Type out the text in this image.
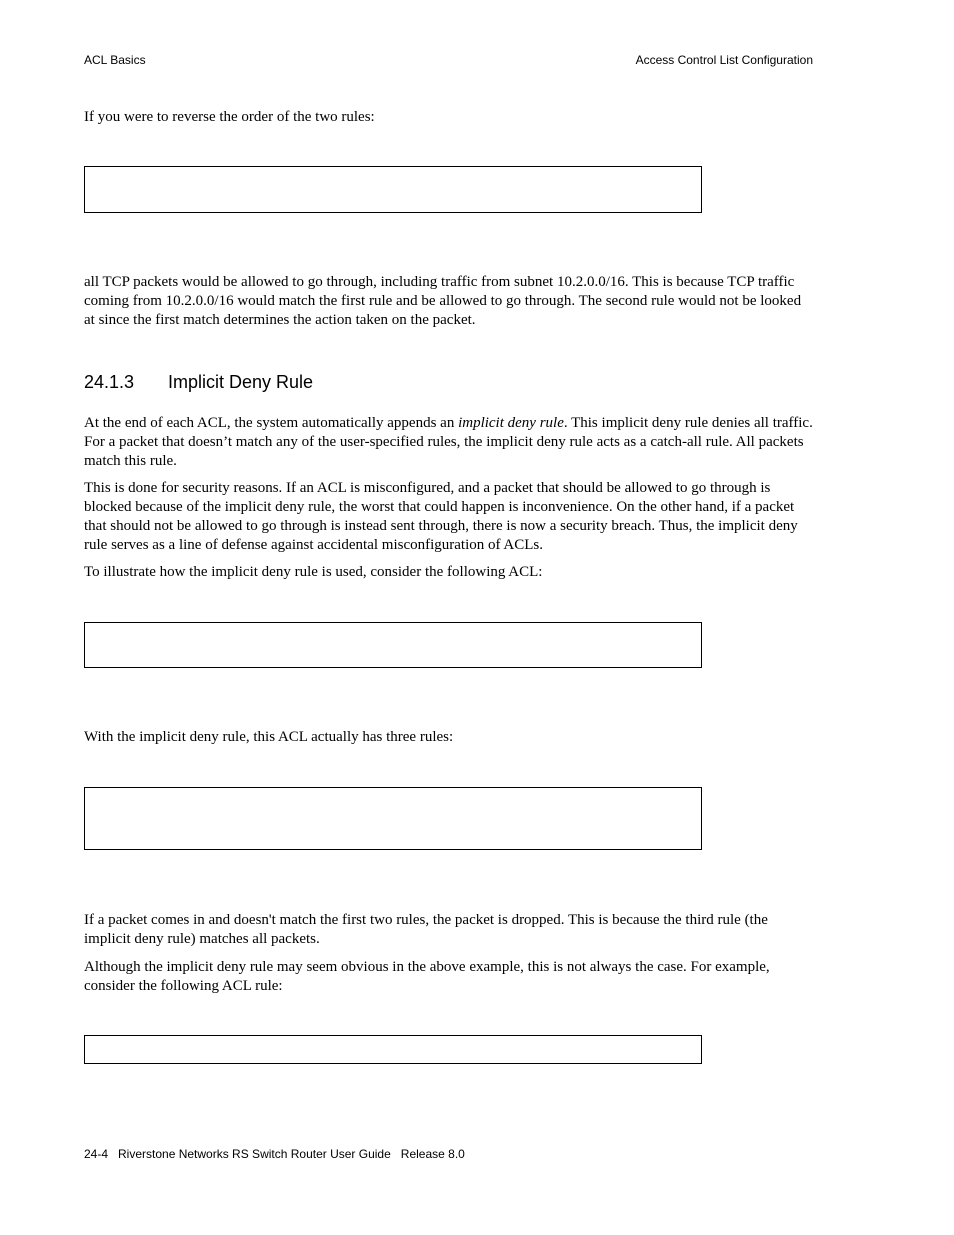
ACL Basics	Access Control List Configuration
If you were to reverse the order of the two rules:
all TCP packets would be allowed to go through, including traffic from subnet 10.2.0.0/16. This is because TCP traffic coming from 10.2.0.0/16 would match the first rule and be allowed to go through. The second rule would not be looked at since the first match determines the action taken on the packet.
24.1.3 Implicit Deny Rule
At the end of each ACL, the system automatically appends an implicit deny rule. This implicit deny rule denies all traffic. For a packet that doesn’t match any of the user-specified rules, the implicit deny rule acts as a catch-all rule. All packets match this rule.
This is done for security reasons. If an ACL is misconfigured, and a packet that should be allowed to go through is blocked because of the implicit deny rule, the worst that could happen is inconvenience. On the other hand, if a packet that should not be allowed to go through is instead sent through, there is now a security breach. Thus, the implicit deny rule serves as a line of defense against accidental misconfiguration of ACLs.
To illustrate how the implicit deny rule is used, consider the following ACL:
With the implicit deny rule, this ACL actually has three rules:
If a packet comes in and doesn't match the first two rules, the packet is dropped. This is because the third rule (the implicit deny rule) matches all packets.
Although the implicit deny rule may seem obvious in the above example, this is not always the case. For example, consider the following ACL rule:
24-4   Riverstone Networks RS Switch Router User Guide   Release 8.0
